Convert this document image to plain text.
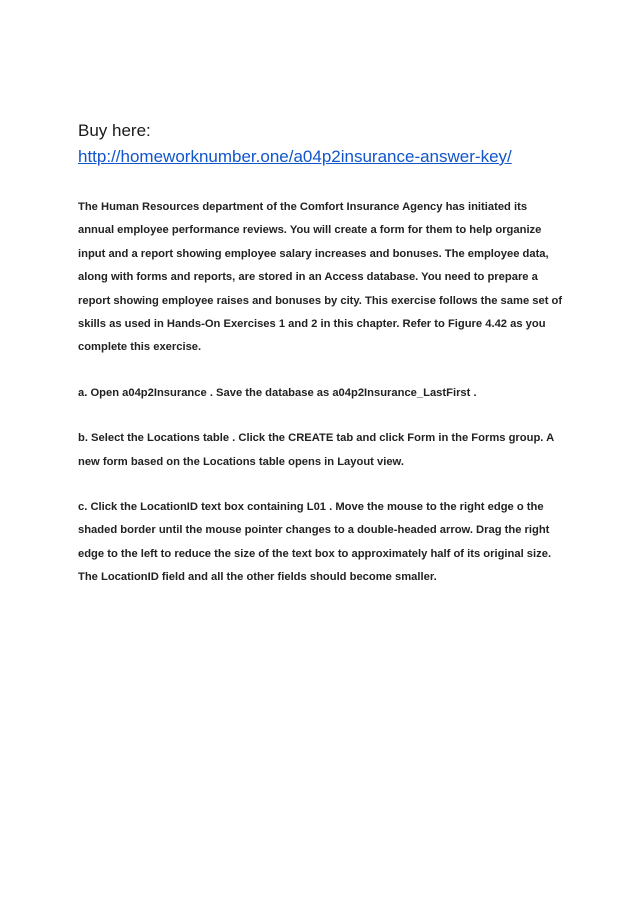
Buy here:

http://homeworknumber.one/a04p2insurance-answer-key/

The Human Resources department of the Comfort Insurance Agency has initiated its annual employee performance reviews. You will create a form for them to help organize input and a report showing employee salary increases and bonuses. The employee data, along with forms and reports, are stored in an Access database. You need to prepare a report showing employee raises and bonuses by city. This exercise follows the same set of skills as used in Hands-On Exercises 1 and 2 in this chapter. Refer to Figure 4.42 as you complete this exercise.

a. Open a04p2Insurance . Save the database as a04p2Insurance_LastFirst .

b. Select the Locations table . Click the CREATE tab and click Form in the Forms group. A new form based on the Locations table opens in Layout view.

c. Click the LocationID text box containing L01 . Move the mouse to the right edge o the shaded border until the mouse pointer changes to a double-headed arrow. Drag the right edge to the left to reduce the size of the text box to approximately half of its original size. The LocationID field and all the other fields should become smaller.
